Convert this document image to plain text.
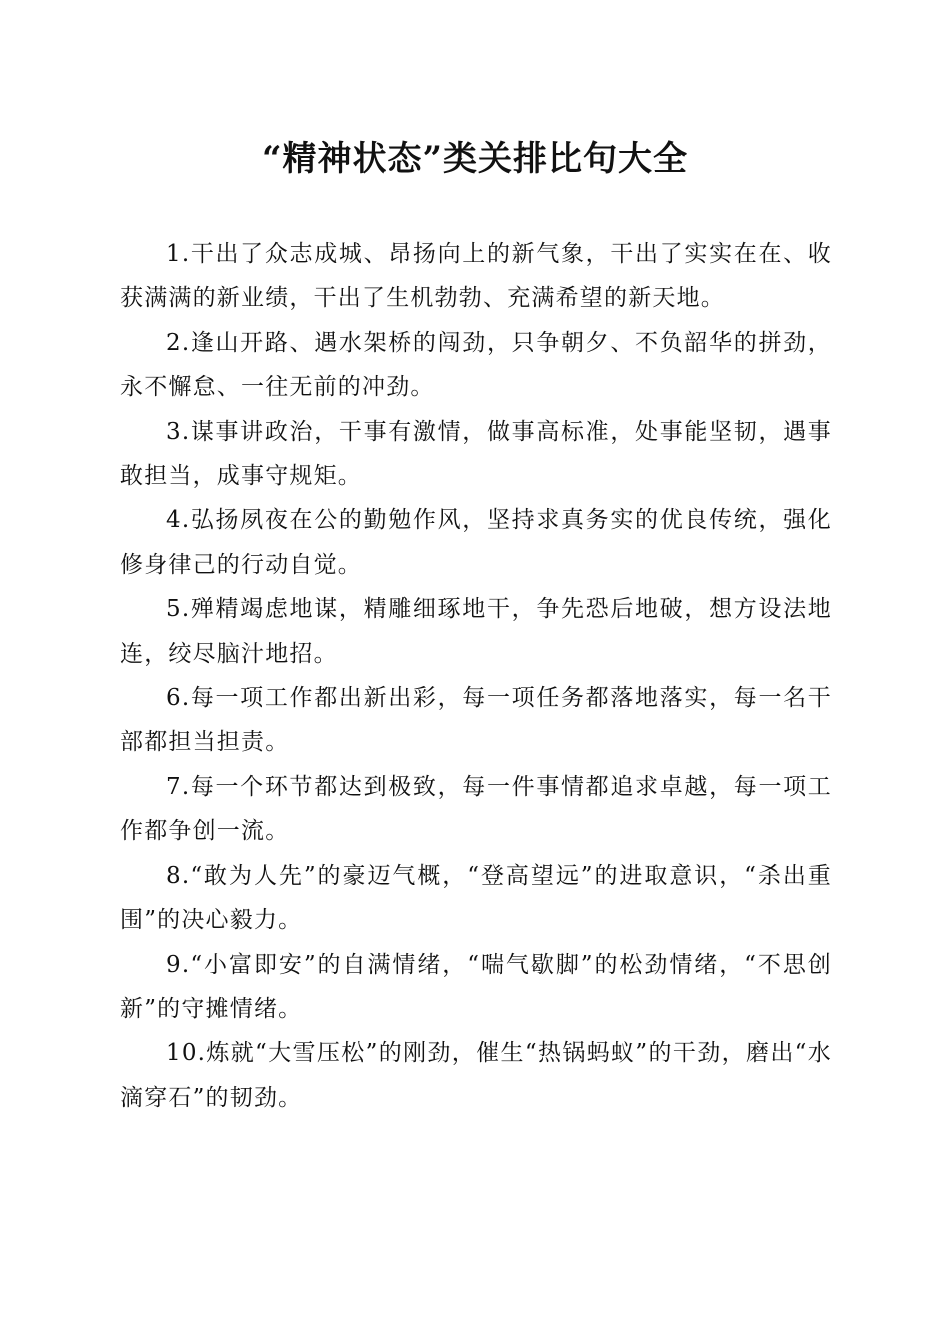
“精神状态”类关排比句大全

1.干出了众志成城、昂扬向上的新气象，干出了实实在在、收获满满的新业绩，干出了生机勃勃、充满希望的新天地。

2.逢山开路、遇水架桥的闯劲，只争朝夕、不负韶华的拼劲，永不懈怠、一往无前的冲劲。

3.谋事讲政治，干事有激情，做事高标准，处事能坚韧，遇事敢担当，成事守规矩。

4.弘扬夙夜在公的勤勉作风，坚持求真务实的优良传统，强化修身律己的行动自觉。

5.殚精竭虑地谋，精雕细琢地干，争先恐后地破，想方设法地连，绞尽脑汁地招。

6.每一项工作都出新出彩，每一项任务都落地落实，每一名干部都担当担责。

7.每一个环节都达到极致，每一件事情都追求卓越，每一项工作都争创一流。

8.“敢为人先”的豪迈气概，“登高望远”的进取意识，“杀出重围”的决心毅力。

9.“小富即安”的自满情绪，“喘气歇脚”的松劲情绪，“不思创新”的守摊情绪。

10.炼就“大雪压松”的刚劲，催生“热锅蚂蚁”的干劲，磨出“水滴穿石”的韧劲。
